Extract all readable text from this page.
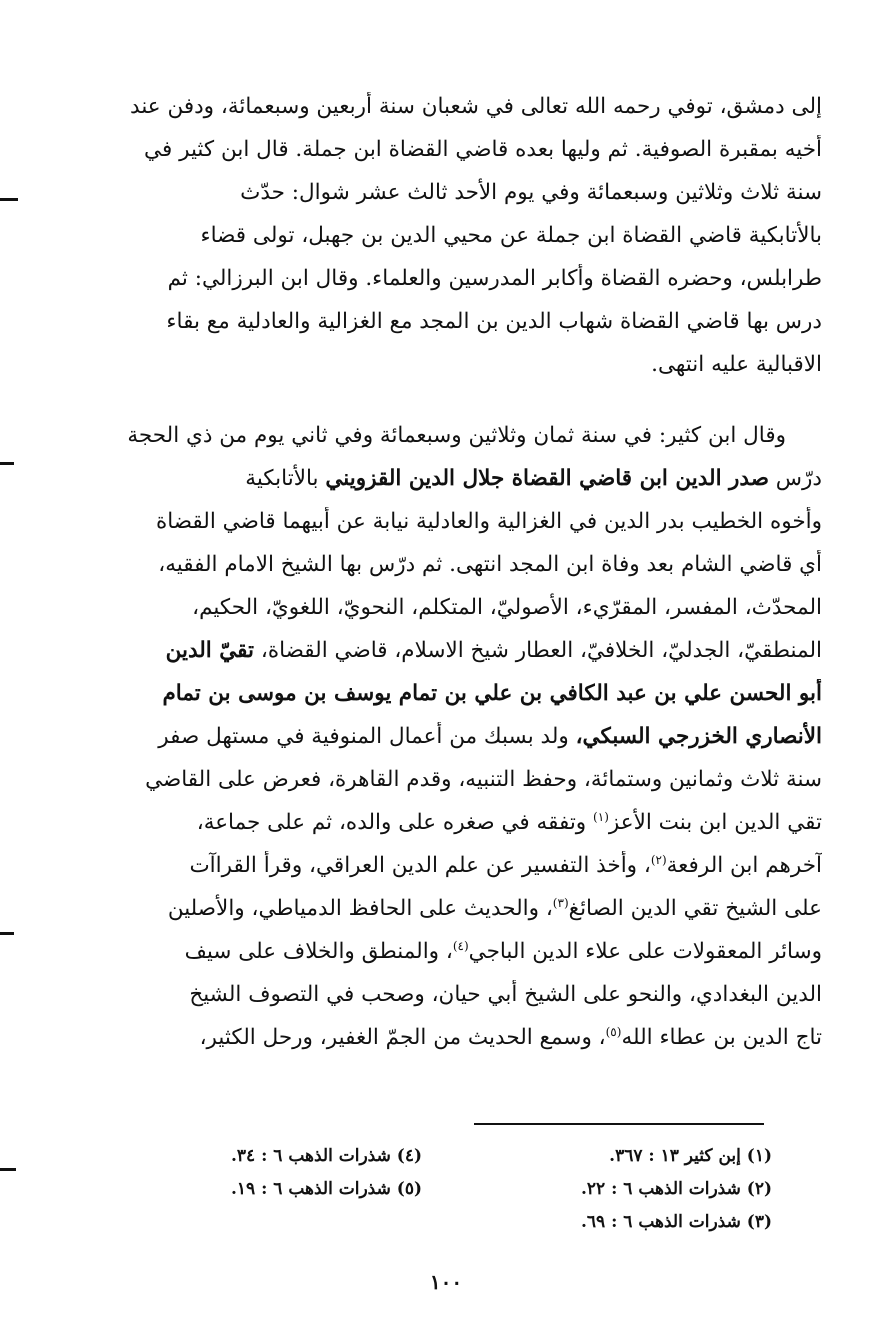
إلى دمشق، توفي رحمه الله تعالى في شعبان سنة أربعين وسبعمائة، ودفن عند
أخيه بمقبرة الصوفية. ثم وليها بعده قاضي القضاة ابن جملة. قال ابن كثير في
سنة ثلاث وثلاثين وسبعمائة وفي يوم الأحد ثالث عشر شوال: حدّث
بالأتابكية قاضي القضاة ابن جملة عن محيي الدين بن جهبل، تولى قضاء
طرابلس، وحضره القضاة وأكابر المدرسين والعلماء. وقال ابن البرزالي: ثم
درس بها قاضي القضاة شهاب الدين بن المجد مع الغزالية والعادلية مع بقاء
الاقبالية عليه انتهى.
وقال ابن كثير: في سنة ثمان وثلاثين وسبعمائة وفي ثاني يوم من ذي الحجة
درّس صدر الدين ابن قاضي القضاة جلال الدين القزويني بالأتابكية
وأخوه الخطيب بدر الدين في الغزالية والعادلية نيابة عن أبيهما قاضي القضاة
أي قاضي الشام بعد وفاة ابن المجد انتهى. ثم درّس بها الشيخ الامام الفقيه،
المحدّث، المفسر، المقرّيء، الأصوليّ، المتكلم، النحويّ، اللغويّ، الحكيم،
المنطقيّ، الجدليّ، الخلافيّ، العطار شيخ الاسلام، قاضي القضاة، تقيّ الدين
أبو الحسن علي بن عبد الكافي بن علي بن تمام يوسف بن موسى بن تمام
الأنصاري الخزرجي السبكي، ولد بسبك من أعمال المنوفية في مستهل صفر
سنة ثلاث وثمانين وستمائة، وحفظ التنبيه، وقدم القاهرة، فعرض على القاضي
تقي الدين ابن بنت الأعز$^{(١)}$ وتفقه في صغره على والده، ثم على جماعة،
آخرهم ابن الرفعة$^{(٢)}$، وأخذ التفسير عن علم الدين العراقي، وقرأ القراآت
على الشيخ تقي الدين الصائغ$^{(٣)}$، والحديث على الحافظ الدمياطي، والأصلين
وسائر المعقولات على علاء الدين الباجي$^{(٤)}$، والمنطق والخلاف على سيف
الدين البغدادي، والنحو على الشيخ أبي حيان، وصحب في التصوف الشيخ
تاج الدين بن عطاء الله$^{(٥)}$، وسمع الحديث من الجمّ الغفير، ورحل الكثير،
(١) إبن كثير ١٣ : ٣٦٧.
(٢) شذرات الذهب ٦ : ٢٢.
(٣) شذرات الذهب ٦ : ٦٩.
(٤) شذرات الذهب ٦ : ٣٤.
(٥) شذرات الذهب ٦ : ١٩.
١٠٠
